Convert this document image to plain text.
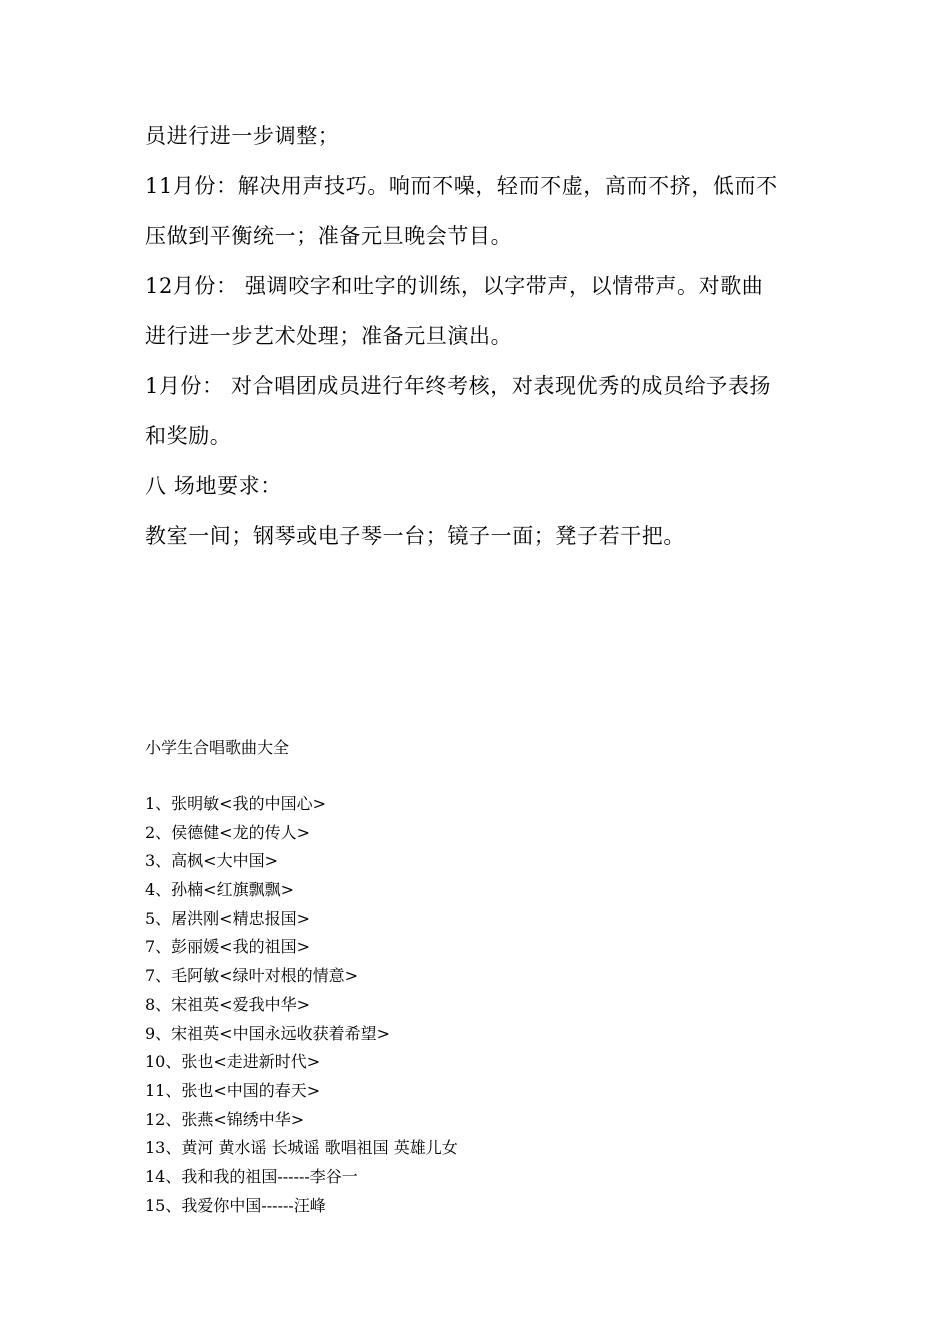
员进行进一步调整；

11月份：解决用声技巧。响而不噪，轻而不虚，高而不挤，低而不

压做到平衡统一；准备元旦晚会节目。

12月份： 强调咬字和吐字的训练，以字带声，以情带声。对歌曲

进行进一步艺术处理；准备元旦演出。

1月份： 对合唱团成员进行年终考核，对表现优秀的成员给予表扬

和奖励。

八 场地要求：

教室一间；钢琴或电子琴一台；镜子一面；凳子若干把。

小学生合唱歌曲大全

1、张明敏<我的中国心>
2、侯德健<龙的传人>
3、高枫<大中国>
4、孙楠<红旗飘飘>
5、屠洪刚<精忠报国>
7、彭丽媛<我的祖国>
7、毛阿敏<绿叶对根的情意>
8、宋祖英<爱我中华>
9、宋祖英<中国永远收获着希望>
10、张也<走进新时代>
11、张也<中国的春天>
12、张燕<锦绣中华>
13、黄河 黄水谣 长城谣 歌唱祖国 英雄儿女
14、我和我的祖国------李谷一
15、我爱你中国------汪峰
